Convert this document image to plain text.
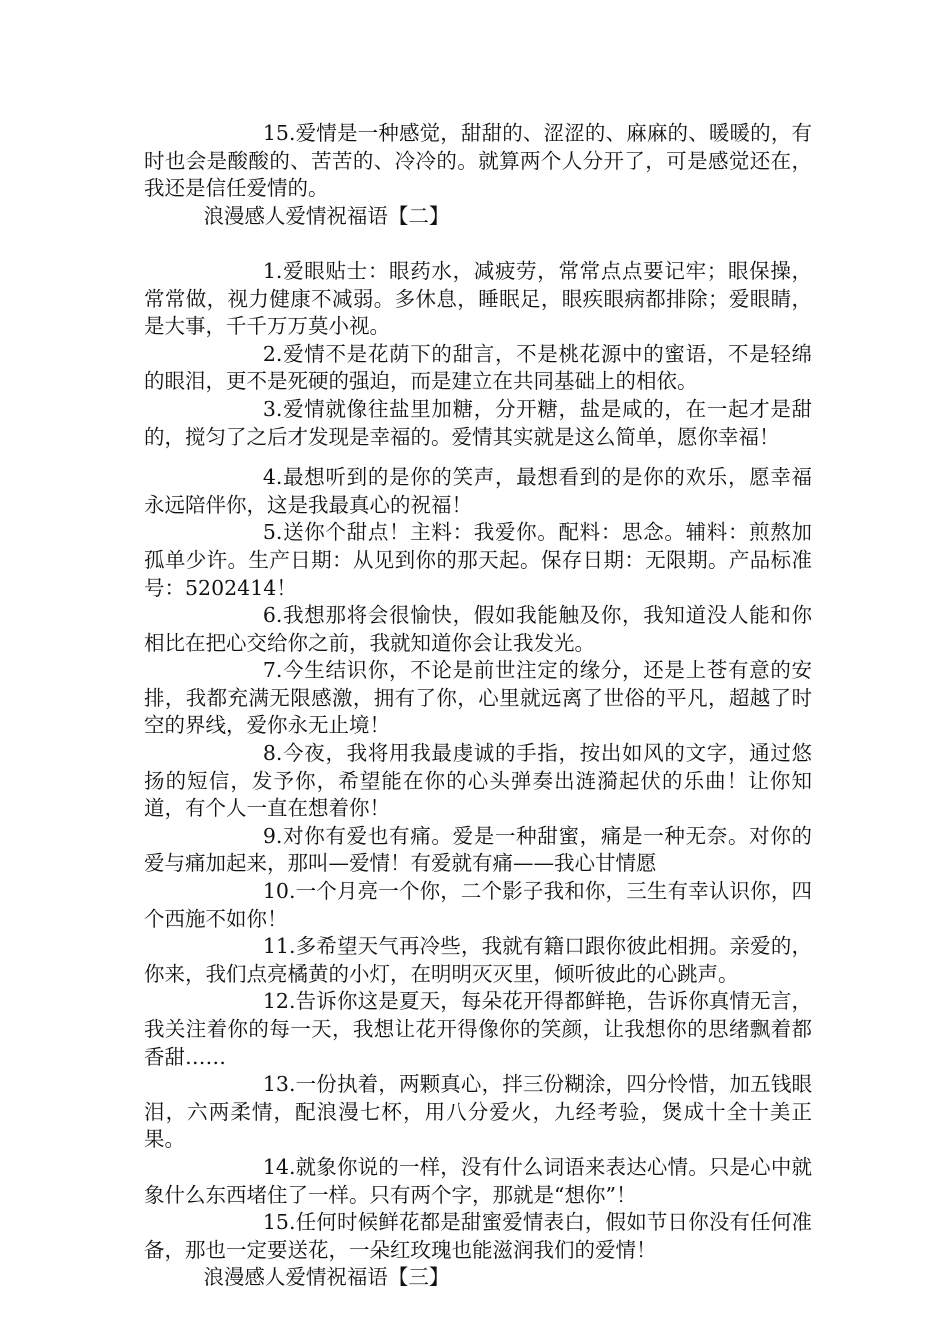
15.爱情是一种感觉，甜甜的、涩涩的、麻麻的、暖暖的，有时也会是酸酸的、苦苦的、冷冷的。就算两个人分开了，可是感觉还在，我还是信任爱情的。

浪漫感人爱情祝福语【二】

1.爱眼贴士：眼药水，减疲劳，常常点点要记牢；眼保操，常常做，视力健康不减弱。多休息，睡眠足，眼疾眼病都排除；爱眼睛，是大事，千千万万莫小视。

2.爱情不是花荫下的甜言，不是桃花源中的蜜语，不是轻绵的眼泪，更不是死硬的强迫，而是建立在共同基础上的相依。

3.爱情就像往盐里加糖，分开糖，盐是咸的，在一起才是甜的，搅匀了之后才发现是幸福的。爱情其实就是这么简单，愿你幸福！

4.最想听到的是你的笑声，最想看到的是你的欢乐，愿幸福永远陪伴你，这是我最真心的祝福！

5.送你个甜点！主料：我爱你。配料：思念。辅料：煎熬加孤单少许。生产日期：从见到你的那天起。保存日期：无限期。产品标准号：5202414！

6.我想那将会很愉快，假如我能触及你，我知道没人能和你相比在把心交给你之前，我就知道你会让我发光。

7.今生结识你，不论是前世注定的缘分，还是上苍有意的安排，我都充满无限感激，拥有了你，心里就远离了世俗的平凡，超越了时空的界线，爱你永无止境！

8.今夜，我将用我最虔诚的手指，按出如风的文字，通过悠扬的短信，发予你，希望能在你的心头弹奏出涟漪起伏的乐曲！让你知道，有个人一直在想着你！

9.对你有爱也有痛。爱是一种甜蜜，痛是一种无奈。对你的爱与痛加起来，那叫—爱情！有爱就有痛——我心甘情愿

10.一个月亮一个你，二个影子我和你，三生有幸认识你，四个西施不如你！

11.多希望天气再冷些，我就有籍口跟你彼此相拥。亲爱的，你来，我们点亮橘黄的小灯，在明明灭灭里，倾听彼此的心跳声。

12.告诉你这是夏天，每朵花开得都鲜艳，告诉你真情无言，我关注着你的每一天，我想让花开得像你的笑颜，让我想你的思绪飘着都香甜……

13.一份执着，两颗真心，拌三份糊涂，四分怜惜，加五钱眼泪，六两柔情，配浪漫七杯，用八分爱火，九经考验，煲成十全十美正果。

14.就象你说的一样，没有什么词语来表达心情。只是心中就象什么东西堵住了一样。只有两个字，那就是“想你”！

15.任何时候鲜花都是甜蜜爱情表白，假如节日你没有任何准备，那也一定要送花，一朵红玫瑰也能滋润我们的爱情！

浪漫感人爱情祝福语【三】
